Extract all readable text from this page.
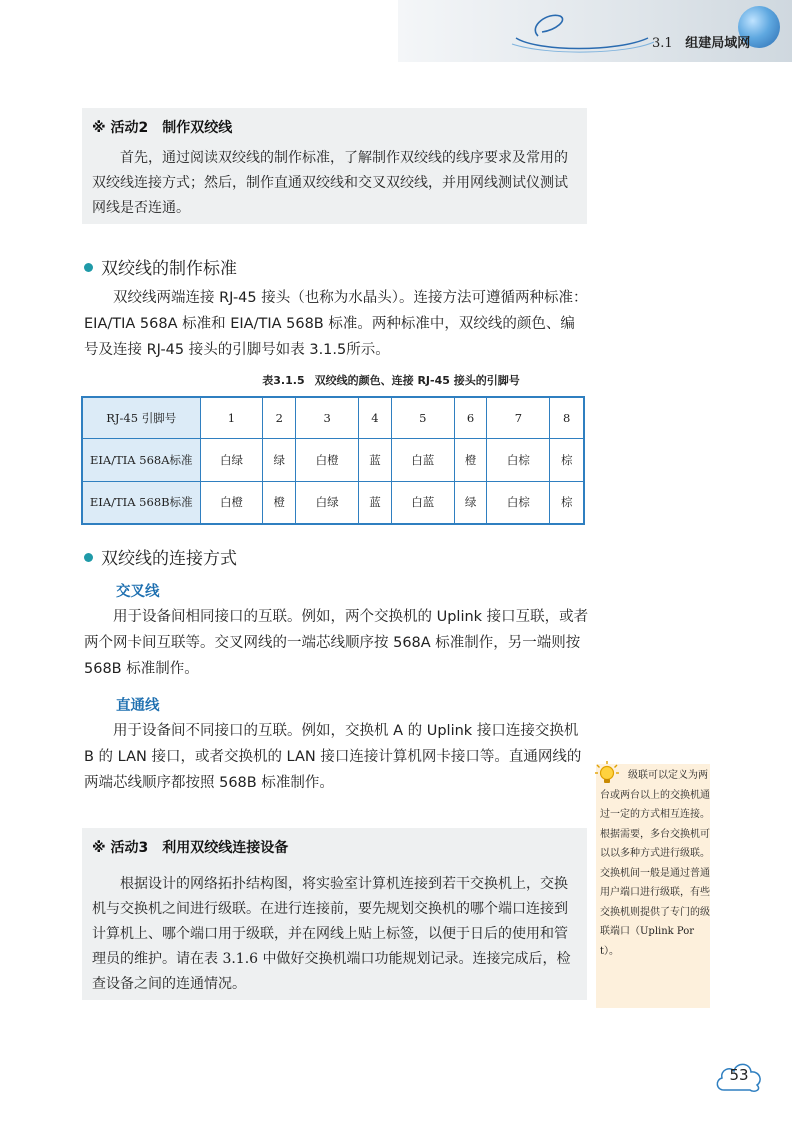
3.1 组建局域网
※ 活动2　制作双绞线
首先，通过阅读双绞线的制作标准，了解制作双绞线的线序要求及常用的双绞线连接方式；然后，制作直通双绞线和交叉双绞线，并用网线测试仪测试网线是否连通。
双绞线的制作标准
双绞线两端连接 RJ-45 接头（也称为水晶头）。连接方法可遵循两种标准：EIA/TIA 568A 标准和 EIA/TIA 568B 标准。两种标准中，双绞线的颜色、编号及连接 RJ-45 接头的引脚号如表 3.1.5所示。
表3.1.5 双绞线的颜色、连接 RJ-45 接头的引脚号
RJ-45 引脚号	1	2	3	4	5	6	7	8
EIA/TIA 568A标准	白绿	绿	白橙	蓝	白蓝	橙	白棕	棕
EIA/TIA 568B标准	白橙	橙	白绿	蓝	白蓝	绿	白棕	棕
双绞线的连接方式
交叉线
用于设备间相同接口的互联。例如，两个交换机的 Uplink 接口互联，或者两个网卡间互联等。交叉网线的一端芯线顺序按 568A 标准制作，另一端则按 568B 标准制作。
直通线
用于设备间不同接口的互联。例如，交换机 A 的 Uplink 接口连接交换机 B 的 LAN 接口，或者交换机的 LAN 接口连接计算机网卡接口等。直通网线的两端芯线顺序都按照 568B 标准制作。
※ 活动3　利用双绞线连接设备
根据设计的网络拓扑结构图，将实验室计算机连接到若干交换机上，交换机与交换机之间进行级联。在进行连接前，要先规划交换机的哪个端口连接到计算机上、哪个端口用于级联，并在网线上贴上标签，以便于日后的使用和管理员的维护。请在表 3.1.6 中做好交换机端口功能规划记录。连接完成后，检查设备之间的连通情况。
级联可以定义为两台或两台以上的交换机通过一定的方式相互连接。根据需要，多台交换机可以以多种方式进行级联。交换机间一般是通过普通用户端口进行级联，有些交换机则提供了专门的级联端口（Uplink Port）。
53
